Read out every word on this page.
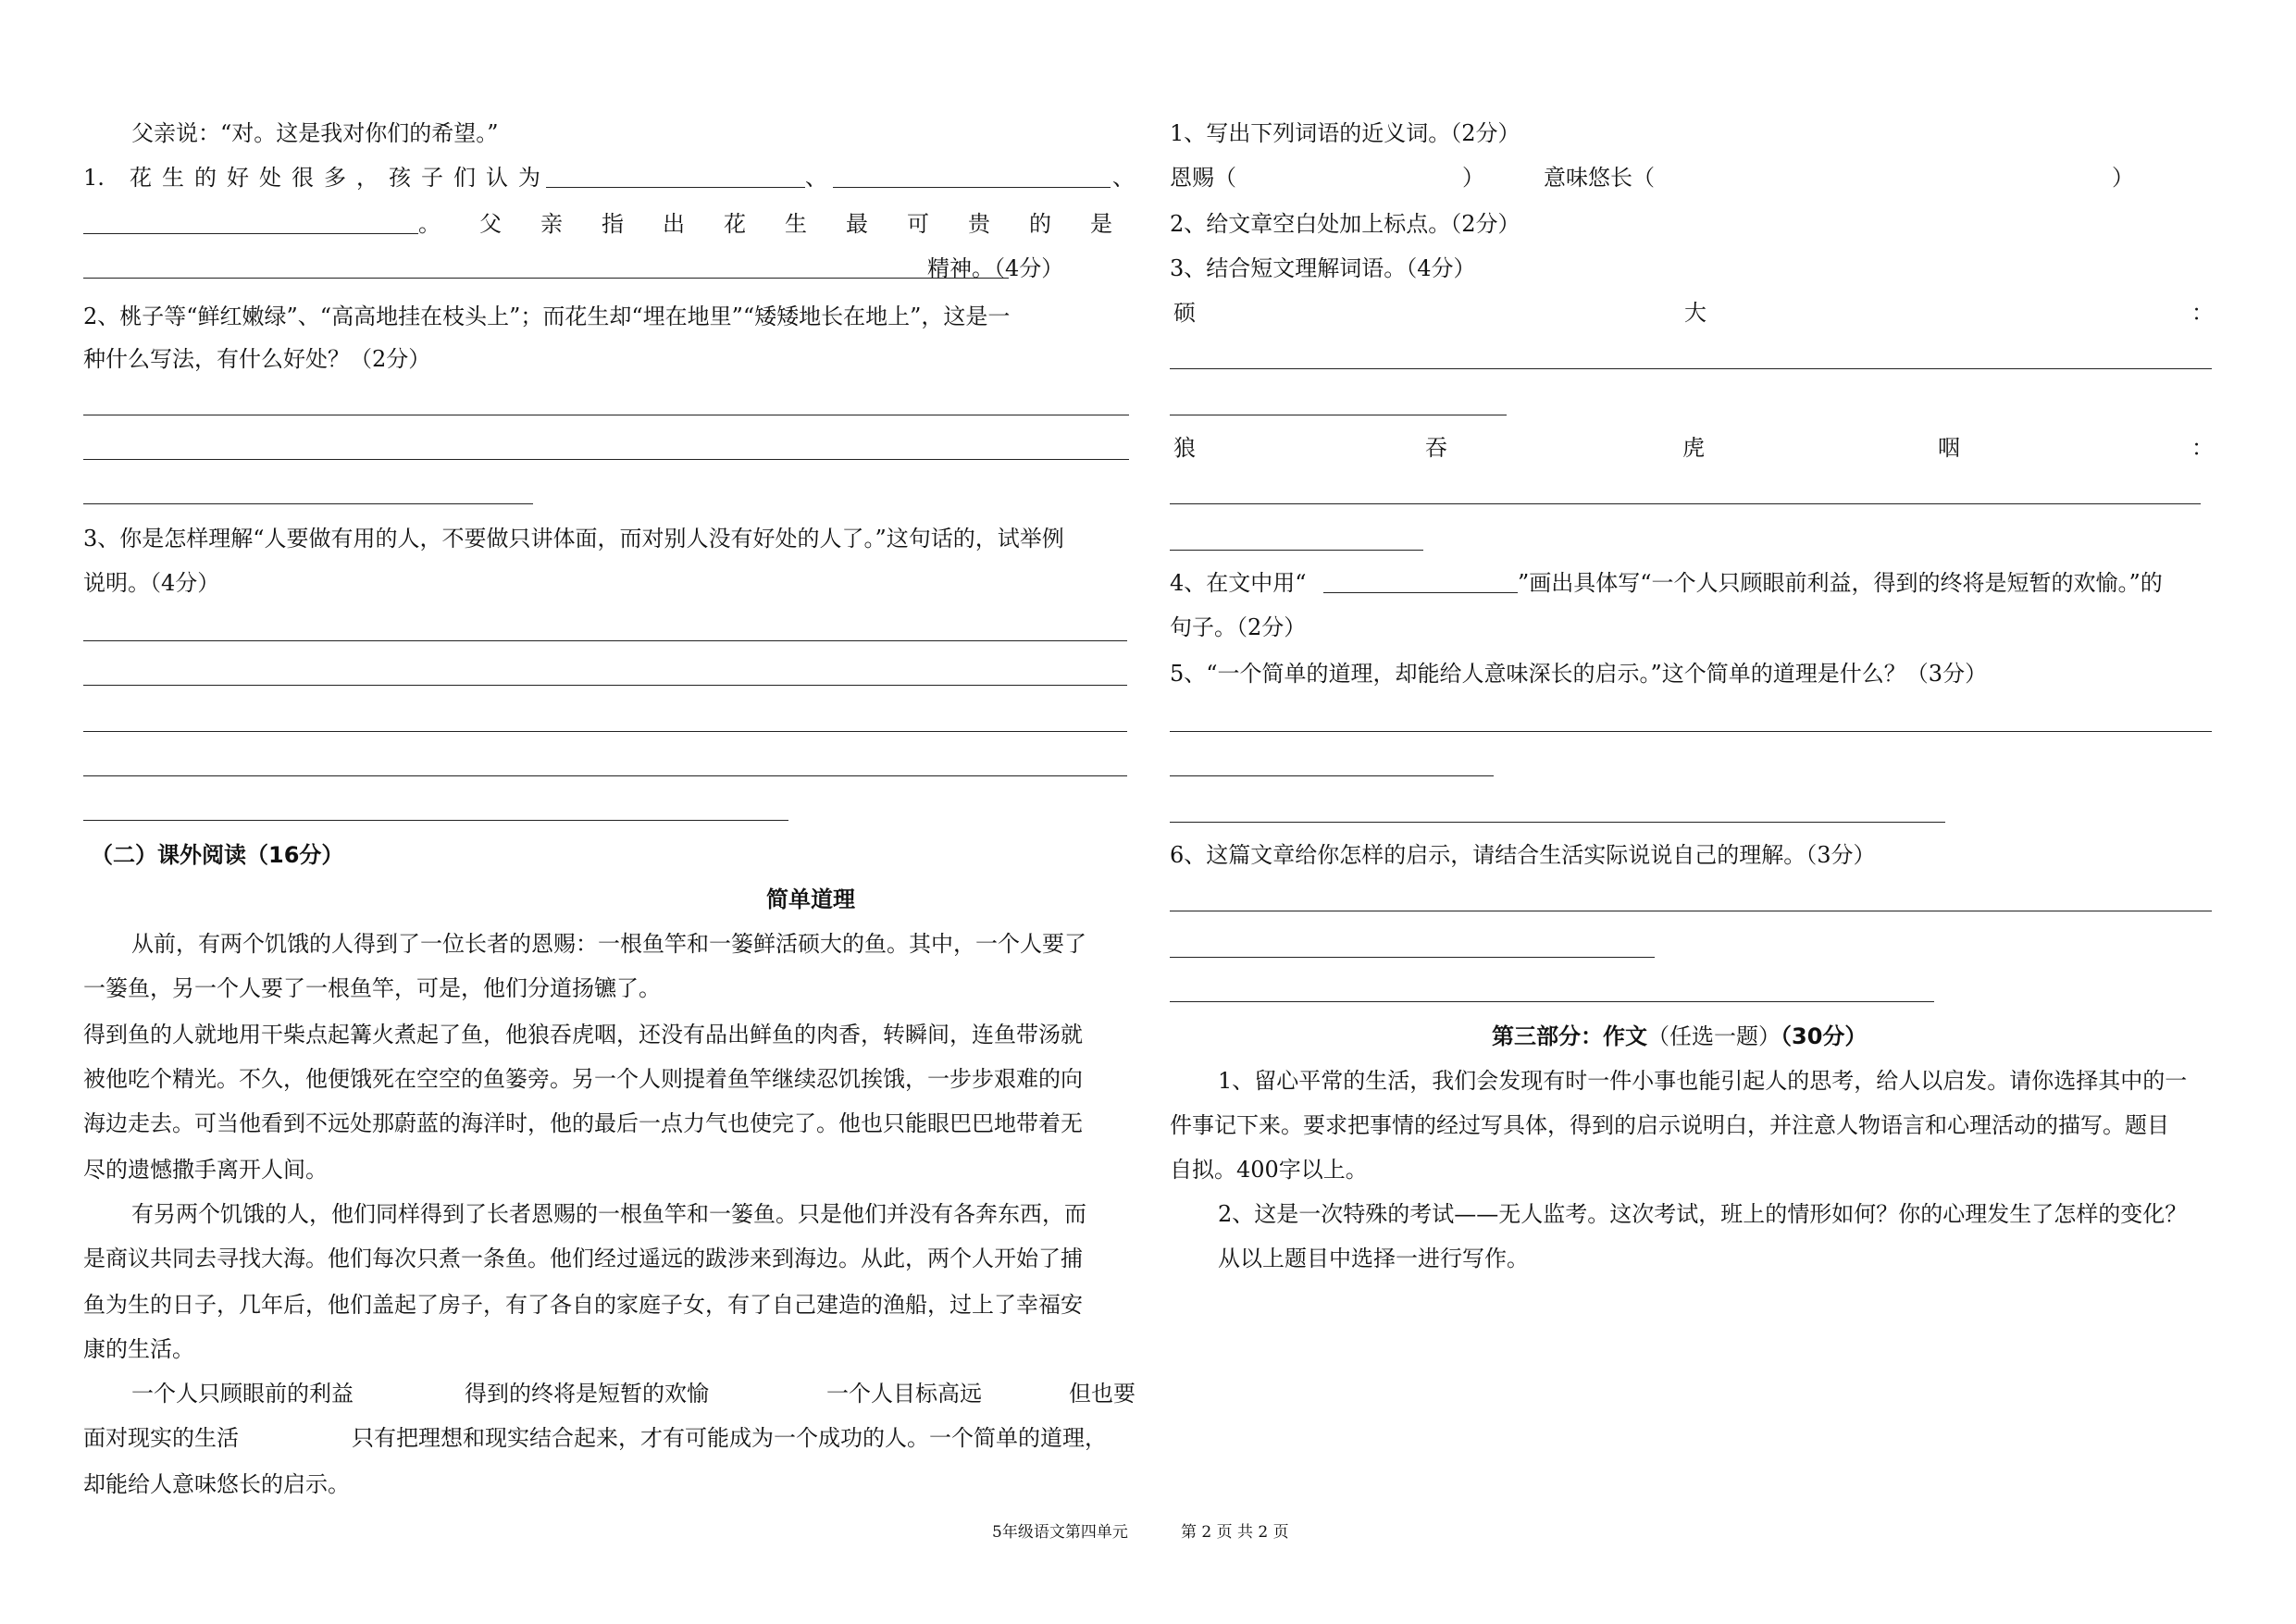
父亲说：“对。这是我对你们的希望。”
1. 花生的好处很多，孩子们认为	、	、
。父亲指出花生最可贵的是
精神。（4分）
2、桃子等“鲜红嫩绿”、“高高地挂在枝头上”；而花生却“埋在地里”“矮矮地长在地上”，这是一
种什么写法，有什么好处？（2分）
3、你是怎样理解“人要做有用的人，不要做只讲体面，而对别人没有好处的人了。”这句话的，试举例
说明。（4分）
（二）课外阅读（16分）
简单道理
从前，有两个饥饿的人得到了一位长者的恩赐：一根鱼竿和一篓鲜活硕大的鱼。其中，一个人要了
一篓鱼，另一个人要了一根鱼竿，可是，他们分道扬镳了。
得到鱼的人就地用干柴点起篝火煮起了鱼，他狼吞虎咽，还没有品出鲜鱼的肉香，转瞬间，连鱼带汤就
被他吃个精光。不久，他便饿死在空空的鱼篓旁。另一个人则提着鱼竿继续忍饥挨饿，一步步艰难的向
海边走去。可当他看到不远处那蔚蓝的海洋时，他的最后一点力气也使完了。他也只能眼巴巴地带着无
尽的遗憾撒手离开人间。
有另两个饥饿的人，他们同样得到了长者恩赐的一根鱼竿和一篓鱼。只是他们并没有各奔东西，而
是商议共同去寻找大海。他们每次只煮一条鱼。他们经过遥远的跋涉来到海边。从此，两个人开始了捕
鱼为生的日子，几年后，他们盖起了房子，有了各自的家庭子女，有了自己建造的渔船，过上了幸福安
康的生活。
一个人只顾眼前的利益	得到的终将是短暂的欢愉	一个人目标高远	但也要
面对现实的生活	只有把理想和现实结合起来，才有可能成为一个成功的人。一个简单的道理，
却能给人意味悠长的启示。
1、写出下列词语的近义词。（2分）
恩赐（	）	意味悠长（	）
2、给文章空白处加上标点。（2分）
3、结合短文理解词语。（4分）
硕	大	：
狼	吞	虎	咽	：
4、在文中用“	”画出具体写“一个人只顾眼前利益，得到的终将是短暂的欢愉。”的
句子。（2分）
5、“一个简单的道理，却能给人意味深长的启示。”这个简单的道理是什么？（3分）
6、这篇文章给你怎样的启示，请结合生活实际说说自己的理解。（3分）
第三部分：作文（任选一题）（30分）
1、留心平常的生活，我们会发现有时一件小事也能引起人的思考，给人以启发。请你选择其中的一
件事记下来。要求把事情的经过写具体，得到的启示说明白，并注意人物语言和心理活动的描写。题目
自拟。400字以上。
2、这是一次特殊的考试——无人监考。这次考试，班上的情形如何？你的心理发生了怎样的变化？
从以上题目中选择一进行写作。
5年级语文第四单元	第 2 页 共 2 页
